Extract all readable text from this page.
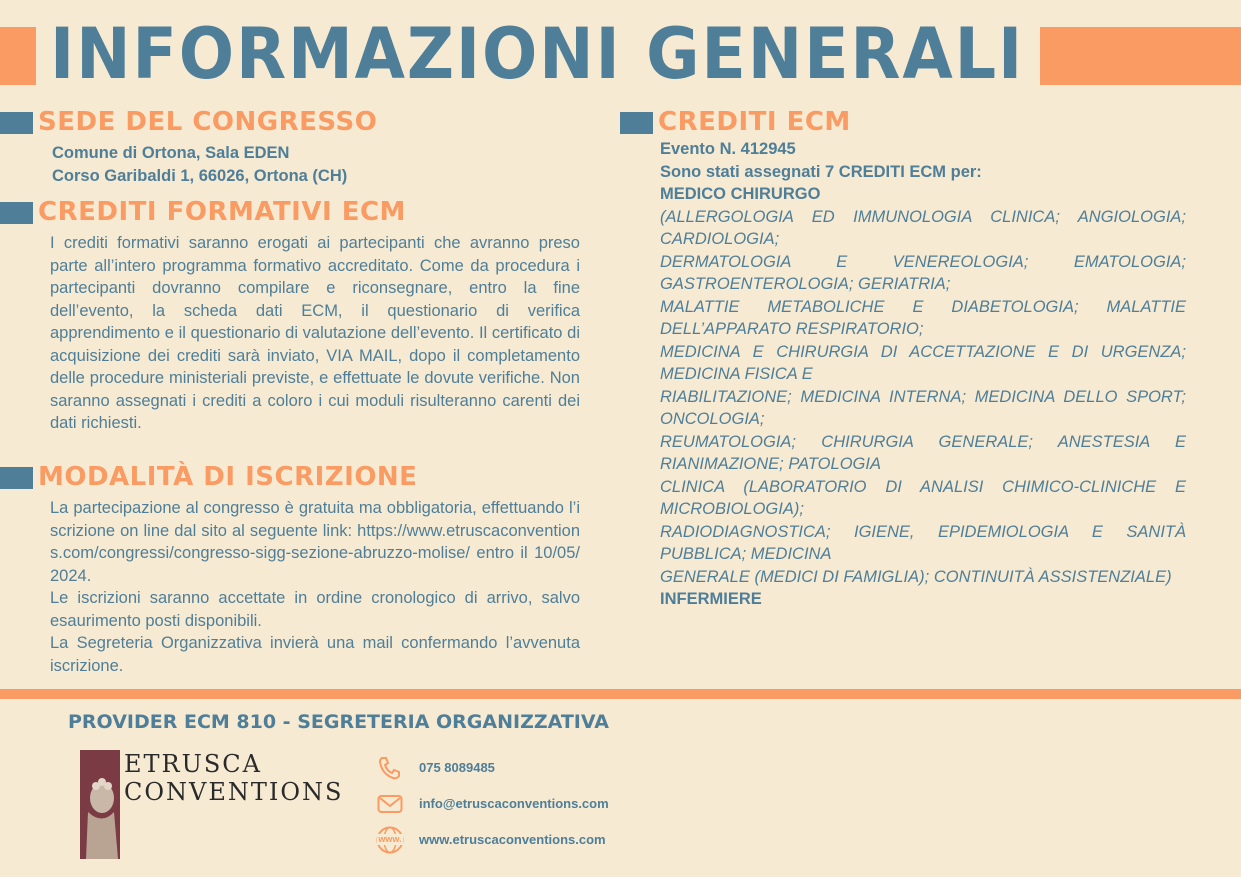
INFORMAZIONI GENERALI
SEDE DEL CONGRESSO
Comune di Ortona, Sala EDEN
Corso Garibaldi 1, 66026, Ortona (CH)
CREDITI FORMATIVI ECM
I crediti formativi saranno erogati ai partecipanti che avranno preso parte all’intero programma formativo accreditato. Come da procedura i partecipanti dovranno compilare e riconsegnare, entro la fine dell’evento, la scheda dati ECM, il questionario di verifica apprendimento e il questionario di valutazione dell’evento. Il certificato di acquisizione dei crediti sarà inviato, VIA MAIL, dopo il completamento delle procedure ministeriali previste, e effettuate le dovute verifiche. Non saranno assegnati i crediti a coloro i cui moduli risulteranno carenti dei dati richiesti.
MODALITÀ DI ISCRIZIONE
La partecipazione al congresso è gratuita ma obbligatoria, effettuando l’iscrizione on line dal sito al seguente link: https://www.etruscaconventions.com/congressi/congresso-sigg-sezione-abruzzo-molise/ entro il 10/05/2024.
Le iscrizioni saranno accettate in ordine cronologico di arrivo, salvo esaurimento posti disponibili.
La Segreteria Organizzativa invierà una mail confermando l’avvenuta iscrizione.
CREDITI ECM
Evento N. 412945
Sono stati assegnati 7 CREDITI ECM per:
MEDICO CHIRURGO
(ALLERGOLOGIA ED IMMUNOLOGIA CLINICA; ANGIOLOGIA; CARDIOLOGIA;
DERMATOLOGIA E VENEREOLOGIA; EMATOLOGIA; GASTROENTEROLOGIA; GERIATRIA;
MALATTIE METABOLICHE E DIABETOLOGIA; MALATTIE DELL’APPARATO RESPIRATORIO;
MEDICINA E CHIRURGIA DI ACCETTAZIONE E DI URGENZA; MEDICINA FISICA E
RIABILITAZIONE; MEDICINA INTERNA; MEDICINA DELLO SPORT; ONCOLOGIA;
REUMATOLOGIA; CHIRURGIA GENERALE; ANESTESIA E RIANIMAZIONE; PATOLOGIA
CLINICA (LABORATORIO DI ANALISI CHIMICO-CLINICHE E MICROBIOLOGIA);
RADIODIAGNOSTICA; IGIENE, EPIDEMIOLOGIA E SANITÀ PUBBLICA; MEDICINA
GENERALE (MEDICI DI FAMIGLIA); CONTINUITÀ ASSISTENZIALE)
INFERMIERE
PROVIDER ECM 810 - SEGRETERIA ORGANIZZATIVA
ETRUSCA
CONVENTIONS
075 8089485
info@etruscaconventions.com
www. www.etruscaconventions.com
